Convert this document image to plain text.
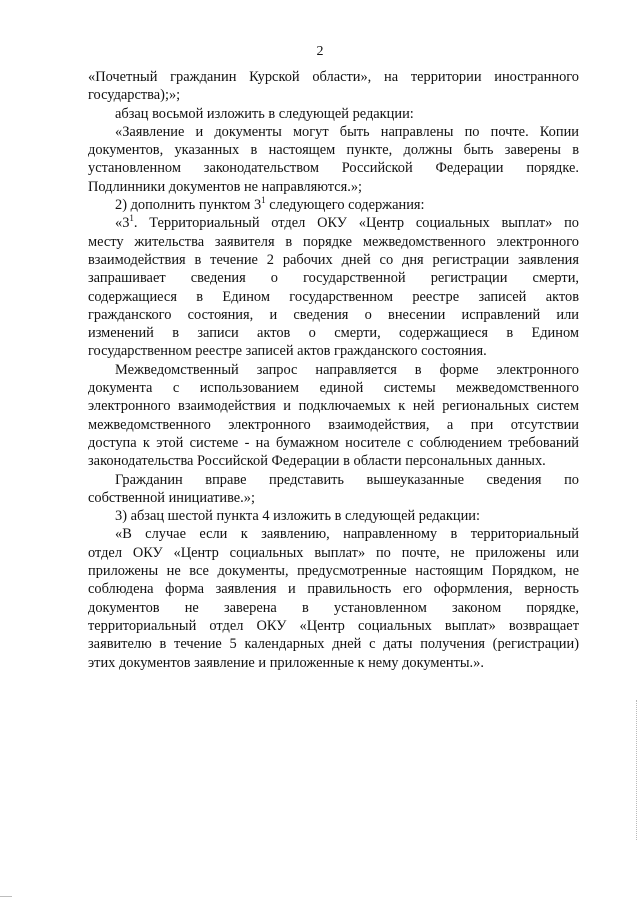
2
«Почетный гражданин Курской области», на территории иностранного
государства);»;
абзац восьмой изложить в следующей редакции:
«Заявление и документы могут быть направлены по почте. Копии
документов, указанных в настоящем пункте, должны быть заверены в
установленном законодательством Российской Федерации порядке.
Подлинники документов не направляются.»;
2) дополнить пунктом $3^1$ следующего содержания:
«$3^1$. Территориальный отдел ОКУ «Центр социальных выплат» по
месту жительства заявителя в порядке межведомственного электронного
взаимодействия в течение 2 рабочих дней со дня регистрации заявления
запрашивает сведения о государственной регистрации смерти,
содержащиеся в Едином государственном реестре записей актов
гражданского состояния, и сведения о внесении исправлений или
изменений в записи актов о смерти, содержащиеся в Едином
государственном реестре записей актов гражданского состояния.
Межведомственный запрос направляется в форме электронного
документа с использованием единой системы межведомственного
электронного взаимодействия и подключаемых к ней региональных систем
межведомственного электронного взаимодействия, а при отсутствии
доступа к этой системе - на бумажном носителе с соблюдением требований
законодательства Российской Федерации в области персональных данных.
Гражданин вправе представить вышеуказанные сведения по
собственной инициативе.»;
3) абзац шестой пункта 4 изложить в следующей редакции:
«В случае если к заявлению, направленному в территориальный
отдел ОКУ «Центр социальных выплат» по почте, не приложены или
приложены не все документы, предусмотренные настоящим Порядком, не
соблюдена форма заявления и правильность его оформления, верность
документов не заверена в установленном законом порядке,
территориальный отдел ОКУ «Центр социальных выплат» возвращает
заявителю в течение 5 календарных дней с даты получения (регистрации)
этих документов заявление и приложенные к нему документы.».
